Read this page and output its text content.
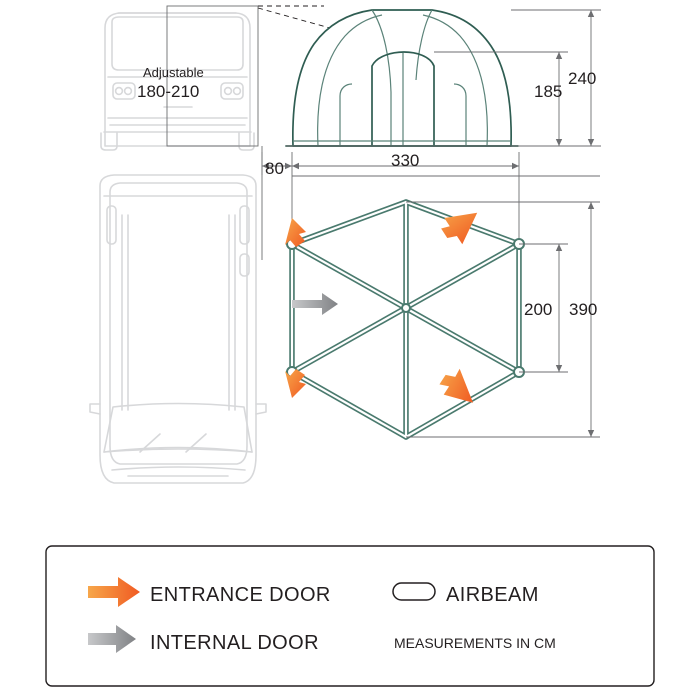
Adjustable
180-210	185
240
80	330
200 390
ENTRANCE DOOR
INTERNAL DOOR
AIRBEAM
MEASUREMENTS IN CM
